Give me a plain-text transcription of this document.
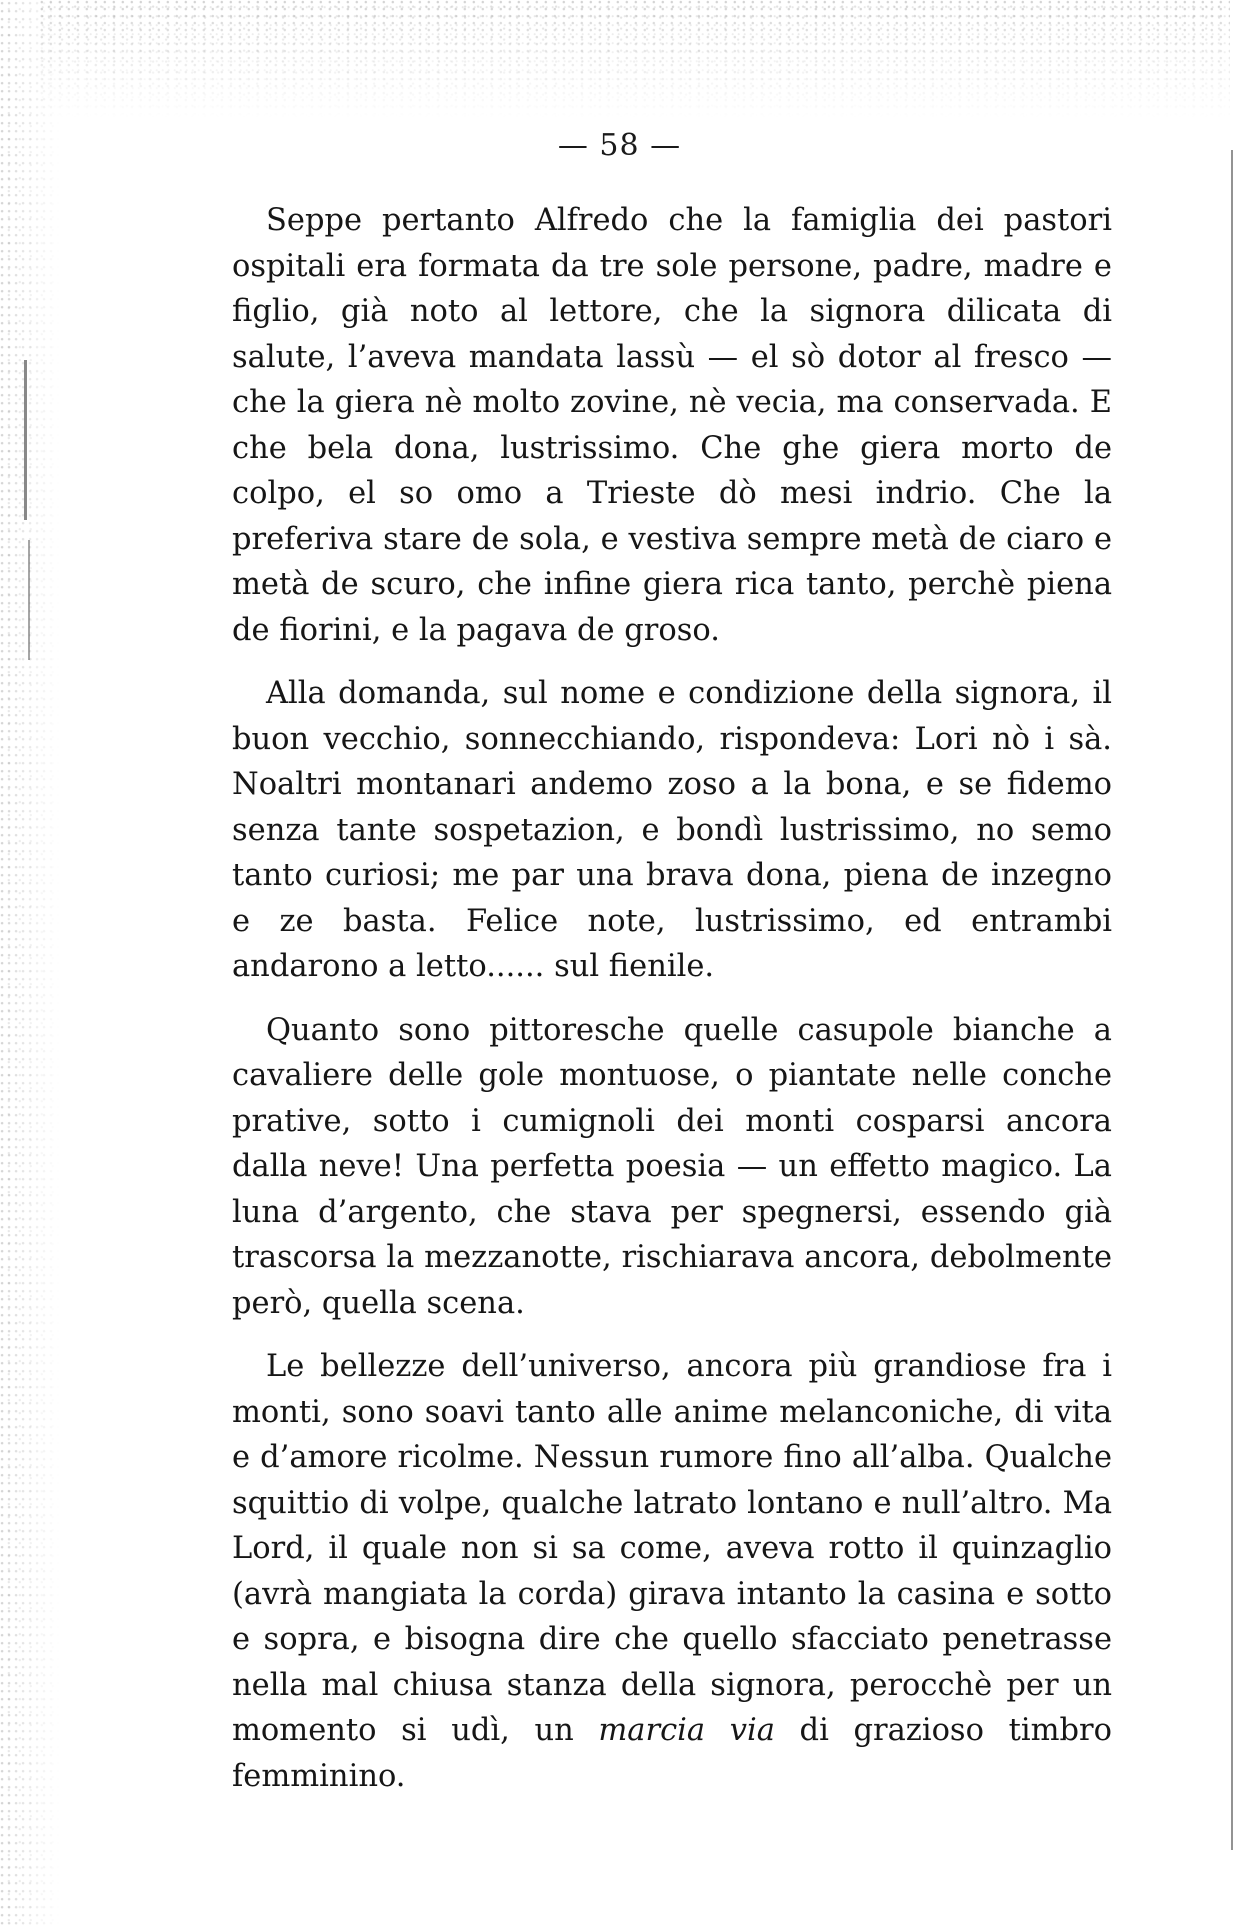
— 58 —

Seppe pertanto Alfredo che la famiglia dei pastori ospitali era formata da tre sole persone, padre, madre e figlio, già noto al lettore, che la signora dilicata di salute, l’aveva mandata lassù — el sò dotor al fresco — che la giera nè molto zovine, nè vecia, ma conservada. E che bela dona, lustrissimo. Che ghe giera morto de colpo, el so omo a Trieste dò mesi indrio. Che la preferiva stare de sola, e vestiva sempre metà de ciaro e metà de scuro, che infine giera rica tanto, perchè piena de fiorini, e la pagava de groso.

Alla domanda, sul nome e condizione della signora, il buon vecchio, sonnecchiando, rispondeva: Lori nò i sà. Noaltri montanari andemo zoso a la bona, e se fidemo senza tante sospetazion, e bondì lustrissimo, no semo tanto curiosi; me par una brava dona, piena de inzegno e ze basta. Felice note, lustrissimo, ed entrambi andarono a letto...... sul fienile.

Quanto sono pittoresche quelle casupole bianche a cavaliere delle gole montuose, o piantate nelle conche prative, sotto i cumignoli dei monti cosparsi ancora dalla neve! Una perfetta poesia — un effetto magico. La luna d’argento, che stava per spegnersi, essendo già trascorsa la mezzanotte, rischiarava ancora, debolmente però, quella scena.

Le bellezze dell’universo, ancora più grandiose fra i monti, sono soavi tanto alle anime melanconiche, di vita e d’amore ricolme. Nessun rumore fino all’alba. Qualche squittio di volpe, qualche latrato lontano e null’altro. Ma Lord, il quale non si sa come, aveva rotto il quinzaglio (avrà mangiata la corda) girava intanto la casina e sotto e sopra, e bisogna dire che quello sfacciato penetrasse nella mal chiusa stanza della signora, perocchè per un momento si udì, un marcia via di grazioso timbro femminino.
